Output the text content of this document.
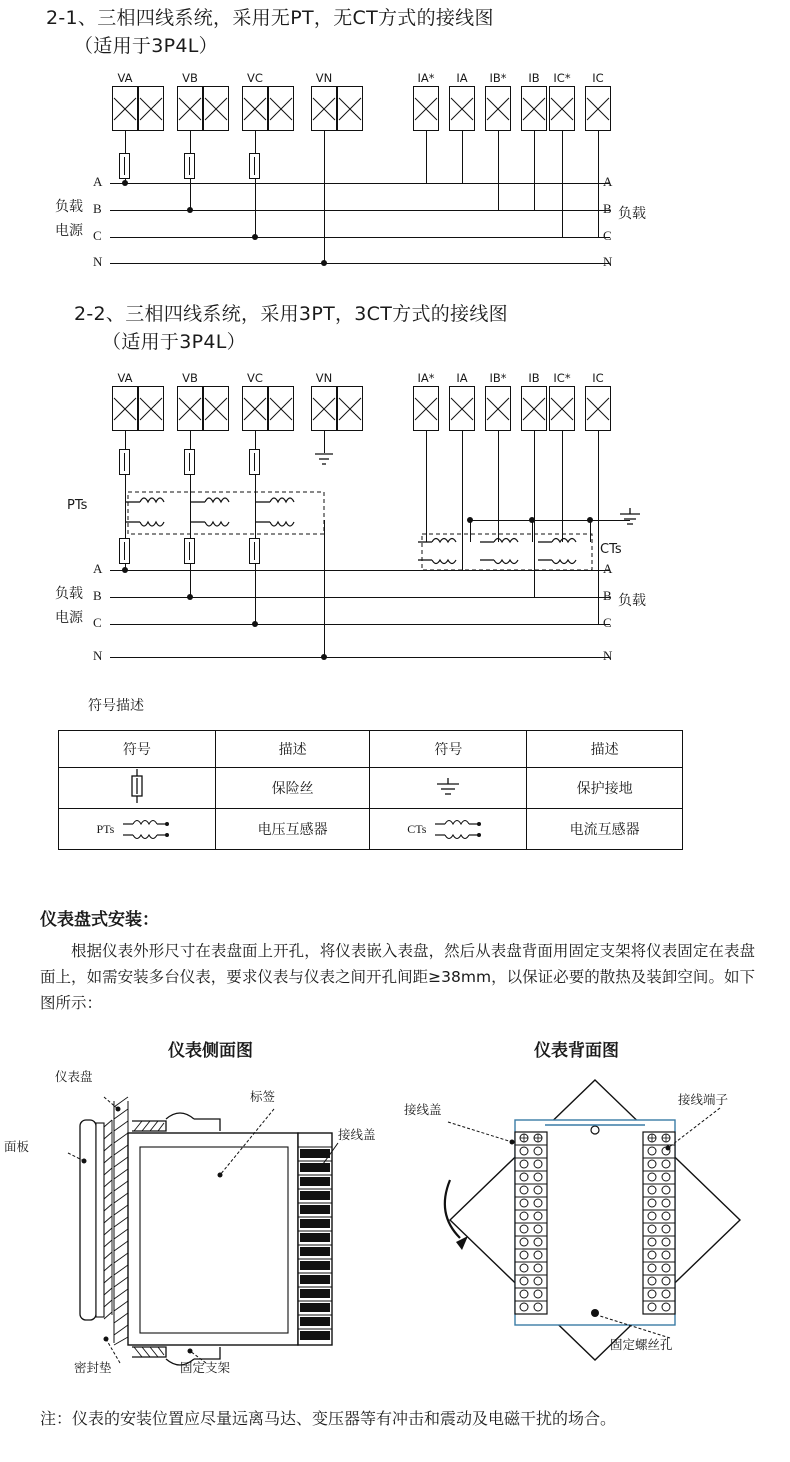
2-1、三相四线系统，采用无PT，无CT方式的接线图
（适用于3P4L）
VA	VB	VC	VN	IA*	IA	IB*	IB	IC*	IC
A
B
C
N
A
B
C
N
负载
电源
负载
2-2、三相四线系统，采用3PT，3CT方式的接线图
（适用于3P4L）
VA	VB	VC	VN	IA*	IA	IB*	IB	IC*	IC
PTs
CTs
A
B
C
N
A
B
C
N
负载
电源
负载
符号描述
符号	描述	符号	描述
	保险丝		保护接地

PTs	电压互感器	CTs	电流互感器
仪表盘式安装：
根据仪表外形尺寸在表盘面上开孔，将仪表嵌入表盘，然后从表盘背面用固定支架将仪表固定在表盘面上，如需安装多台仪表，要求仪表与仪表之间开孔间距≥38mm，以保证必要的散热及装卸空间。如下图所示：
仪表侧面图	仪表背面图
仪表盘
面板
标签
接线盖
密封垫	固定支架
接线盖
接线端子
固定螺丝孔
注：仪表的安装位置应尽量远离马达、变压器等有冲击和震动及电磁干扰的场合。
